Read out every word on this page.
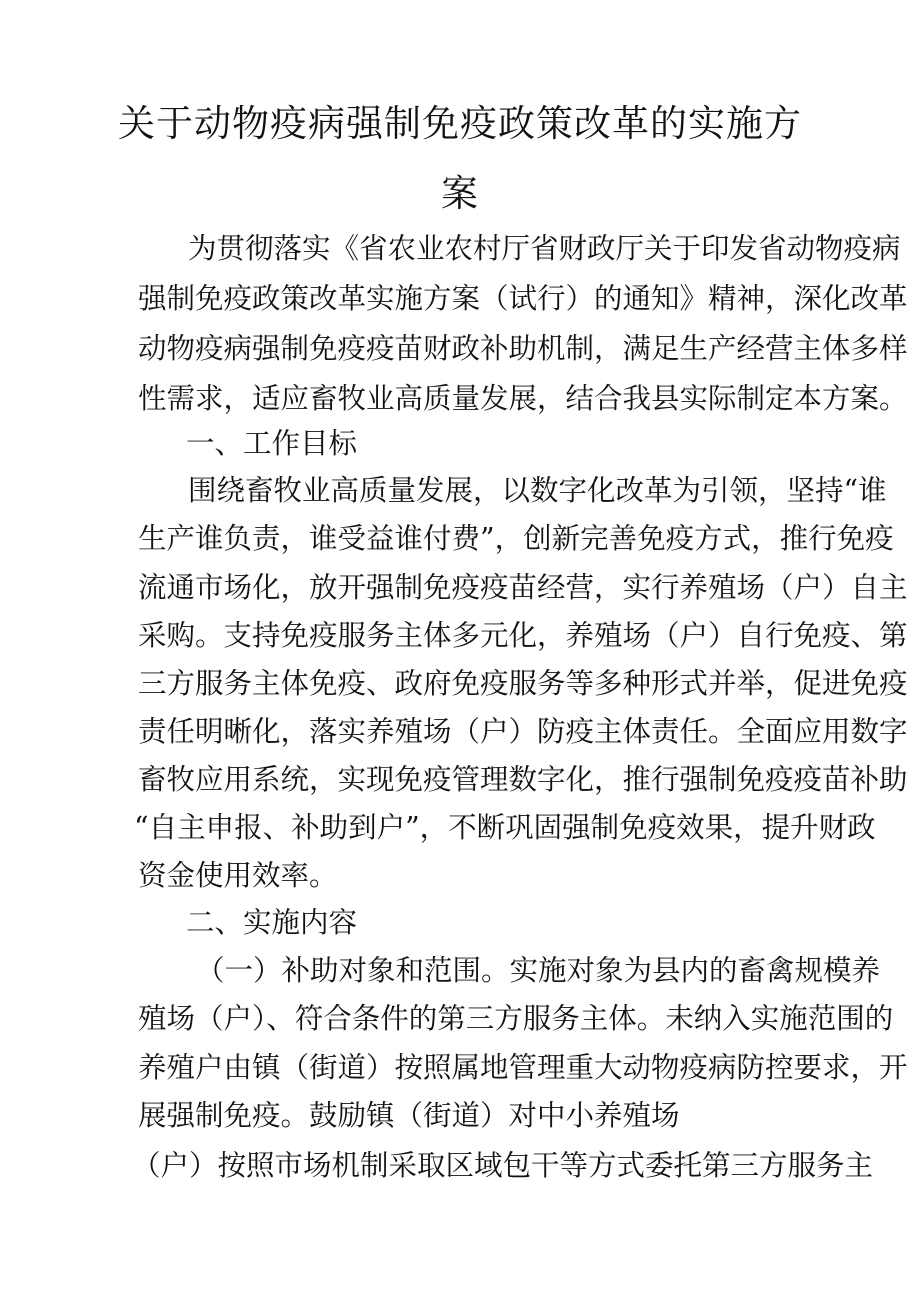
关于动物疫病强制免疫政策改革的实施方
案
为贯彻落实《省农业农村厅省财政厅关于印发省动物疫病
强制免疫政策改革实施方案（试行）的通知》精神，深化改革
动物疫病强制免疫疫苗财政补助机制，满足生产经营主体多样
性需求，适应畜牧业高质量发展，结合我县实际制定本方案。
一、工作目标
围绕畜牧业高质量发展，以数字化改革为引领，坚持“谁
生产谁负责，谁受益谁付费”，创新完善免疫方式，推行免疫
流通市场化，放开强制免疫疫苗经营，实行养殖场（户）自主
采购。支持免疫服务主体多元化，养殖场（户）自行免疫、第
三方服务主体免疫、政府免疫服务等多种形式并举，促进免疫
责任明晰化，落实养殖场（户）防疫主体责任。全面应用数字
畜牧应用系统，实现免疫管理数字化，推行强制免疫疫苗补助
“自主申报、补助到户”，不断巩固强制免疫效果，提升财政
资金使用效率。
二、实施内容
（一）补助对象和范围。实施对象为县内的畜禽规模养
殖场（户）、符合条件的第三方服务主体。未纳入实施范围的
养殖户由镇（街道）按照属地管理重大动物疫病防控要求，开
展强制免疫。鼓励镇（街道）对中小养殖场
（户）按照市场机制采取区域包干等方式委托第三方服务主
